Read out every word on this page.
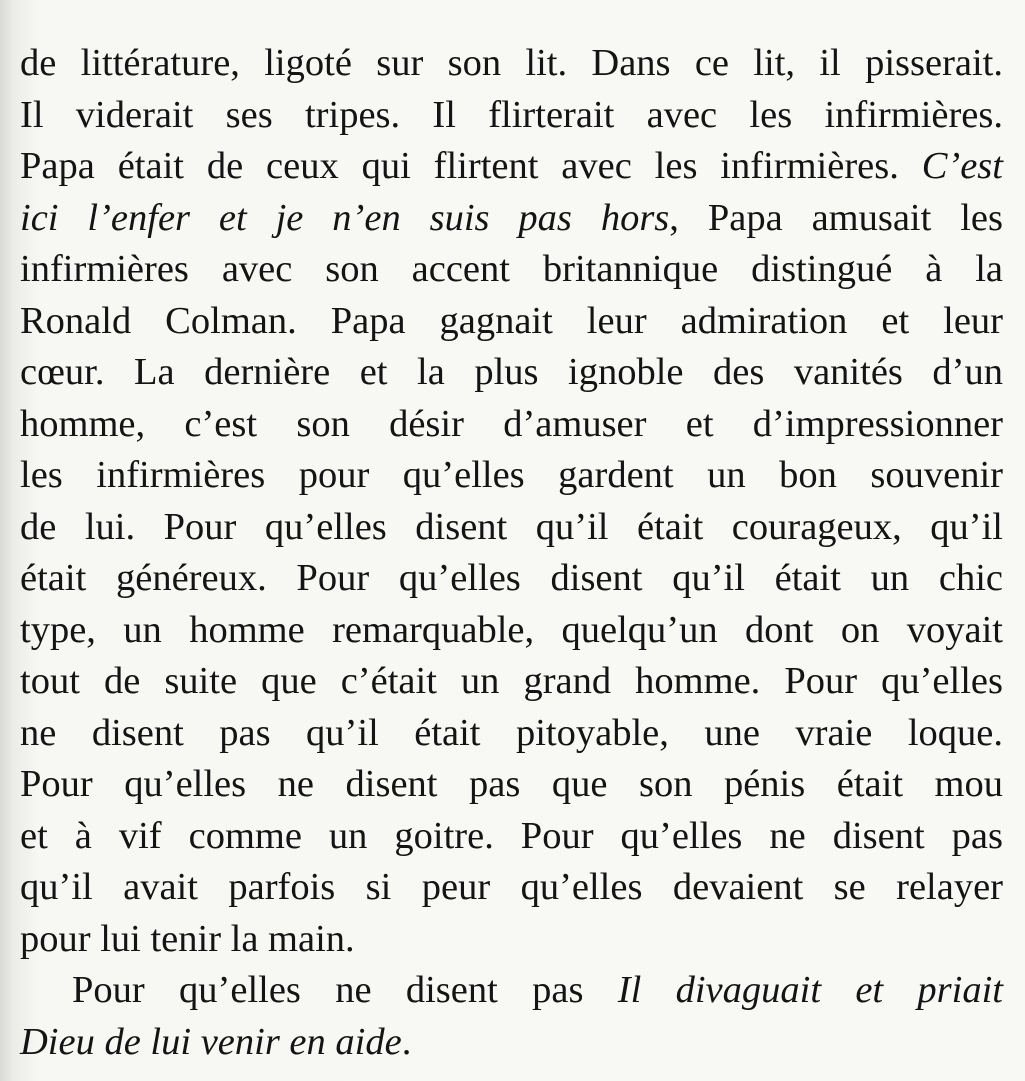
de littérature, ligoté sur son lit. Dans ce lit, il pisserait.
Il viderait ses tripes. Il flirterait avec les infirmières.
Papa était de ceux qui flirtent avec les infirmières. C’est
ici l’enfer et je n’en suis pas hors, Papa amusait les
infirmières avec son accent britannique distingué à la
Ronald Colman. Papa gagnait leur admiration et leur
cœur. La dernière et la plus ignoble des vanités d’un
homme, c’est son désir d’amuser et d’impressionner
les infirmières pour qu’elles gardent un bon souvenir
de lui. Pour qu’elles disent qu’il était courageux, qu’il
était généreux. Pour qu’elles disent qu’il était un chic
type, un homme remarquable, quelqu’un dont on voyait
tout de suite que c’était un grand homme. Pour qu’elles
ne disent pas qu’il était pitoyable, une vraie loque.
Pour qu’elles ne disent pas que son pénis était mou
et à vif comme un goitre. Pour qu’elles ne disent pas
qu’il avait parfois si peur qu’elles devaient se relayer
pour lui tenir la main.
Pour qu’elles ne disent pas Il divaguait et priait
Dieu de lui venir en aide.
